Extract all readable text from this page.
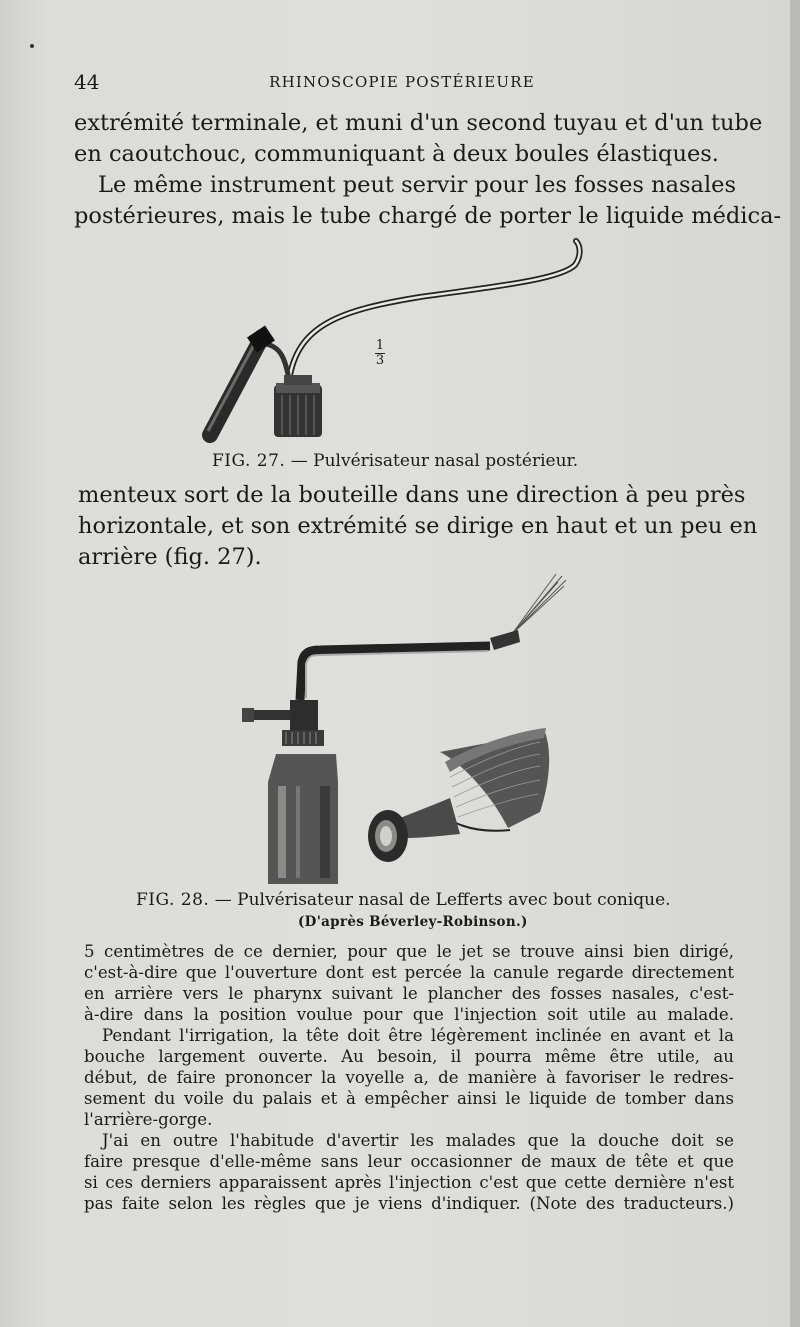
44	RHINOSCOPIE POSTÉRIEURE
extrémité terminale, et muni d'un second tuyau et d'un tube
en caoutchouc, communiquant à deux boules élastiques.
Le même instrument peut servir pour les fosses nasales
postérieures, mais le tube chargé de porter le liquide médica-
1
3
FIG. 27. — Pulvérisateur nasal postérieur.
menteux sort de la bouteille dans une direction à peu près
horizontale, et son extrémité se dirige en haut et un peu en
arrière (fig. 27).
FIG. 28. — Pulvérisateur nasal de Lefferts avec bout conique.
(D'après Béverley-Robinson.)
5 centimètres de ce dernier, pour que le jet se trouve ainsi bien dirigé,
c'est-à-dire que l'ouverture dont est percée la canule regarde directement
en arrière vers le pharynx suivant le plancher des fosses nasales, c'est-
à-dire dans la position voulue pour que l'injection soit utile au malade.
Pendant l'irrigation, la tête doit être légèrement inclinée en avant et la
bouche largement ouverte. Au besoin, il pourra même être utile, au
début, de faire prononcer la voyelle a, de manière à favoriser le redres-
sement du voile du palais et à empêcher ainsi le liquide de tomber dans
l'arrière-gorge.
J'ai en outre l'habitude d'avertir les malades que la douche doit se
faire presque d'elle-même sans leur occasionner de maux de tête et que
si ces derniers apparaissent après l'injection c'est que cette dernière n'est
pas faite selon les règles que je viens d'indiquer. (Note des traducteurs.)
